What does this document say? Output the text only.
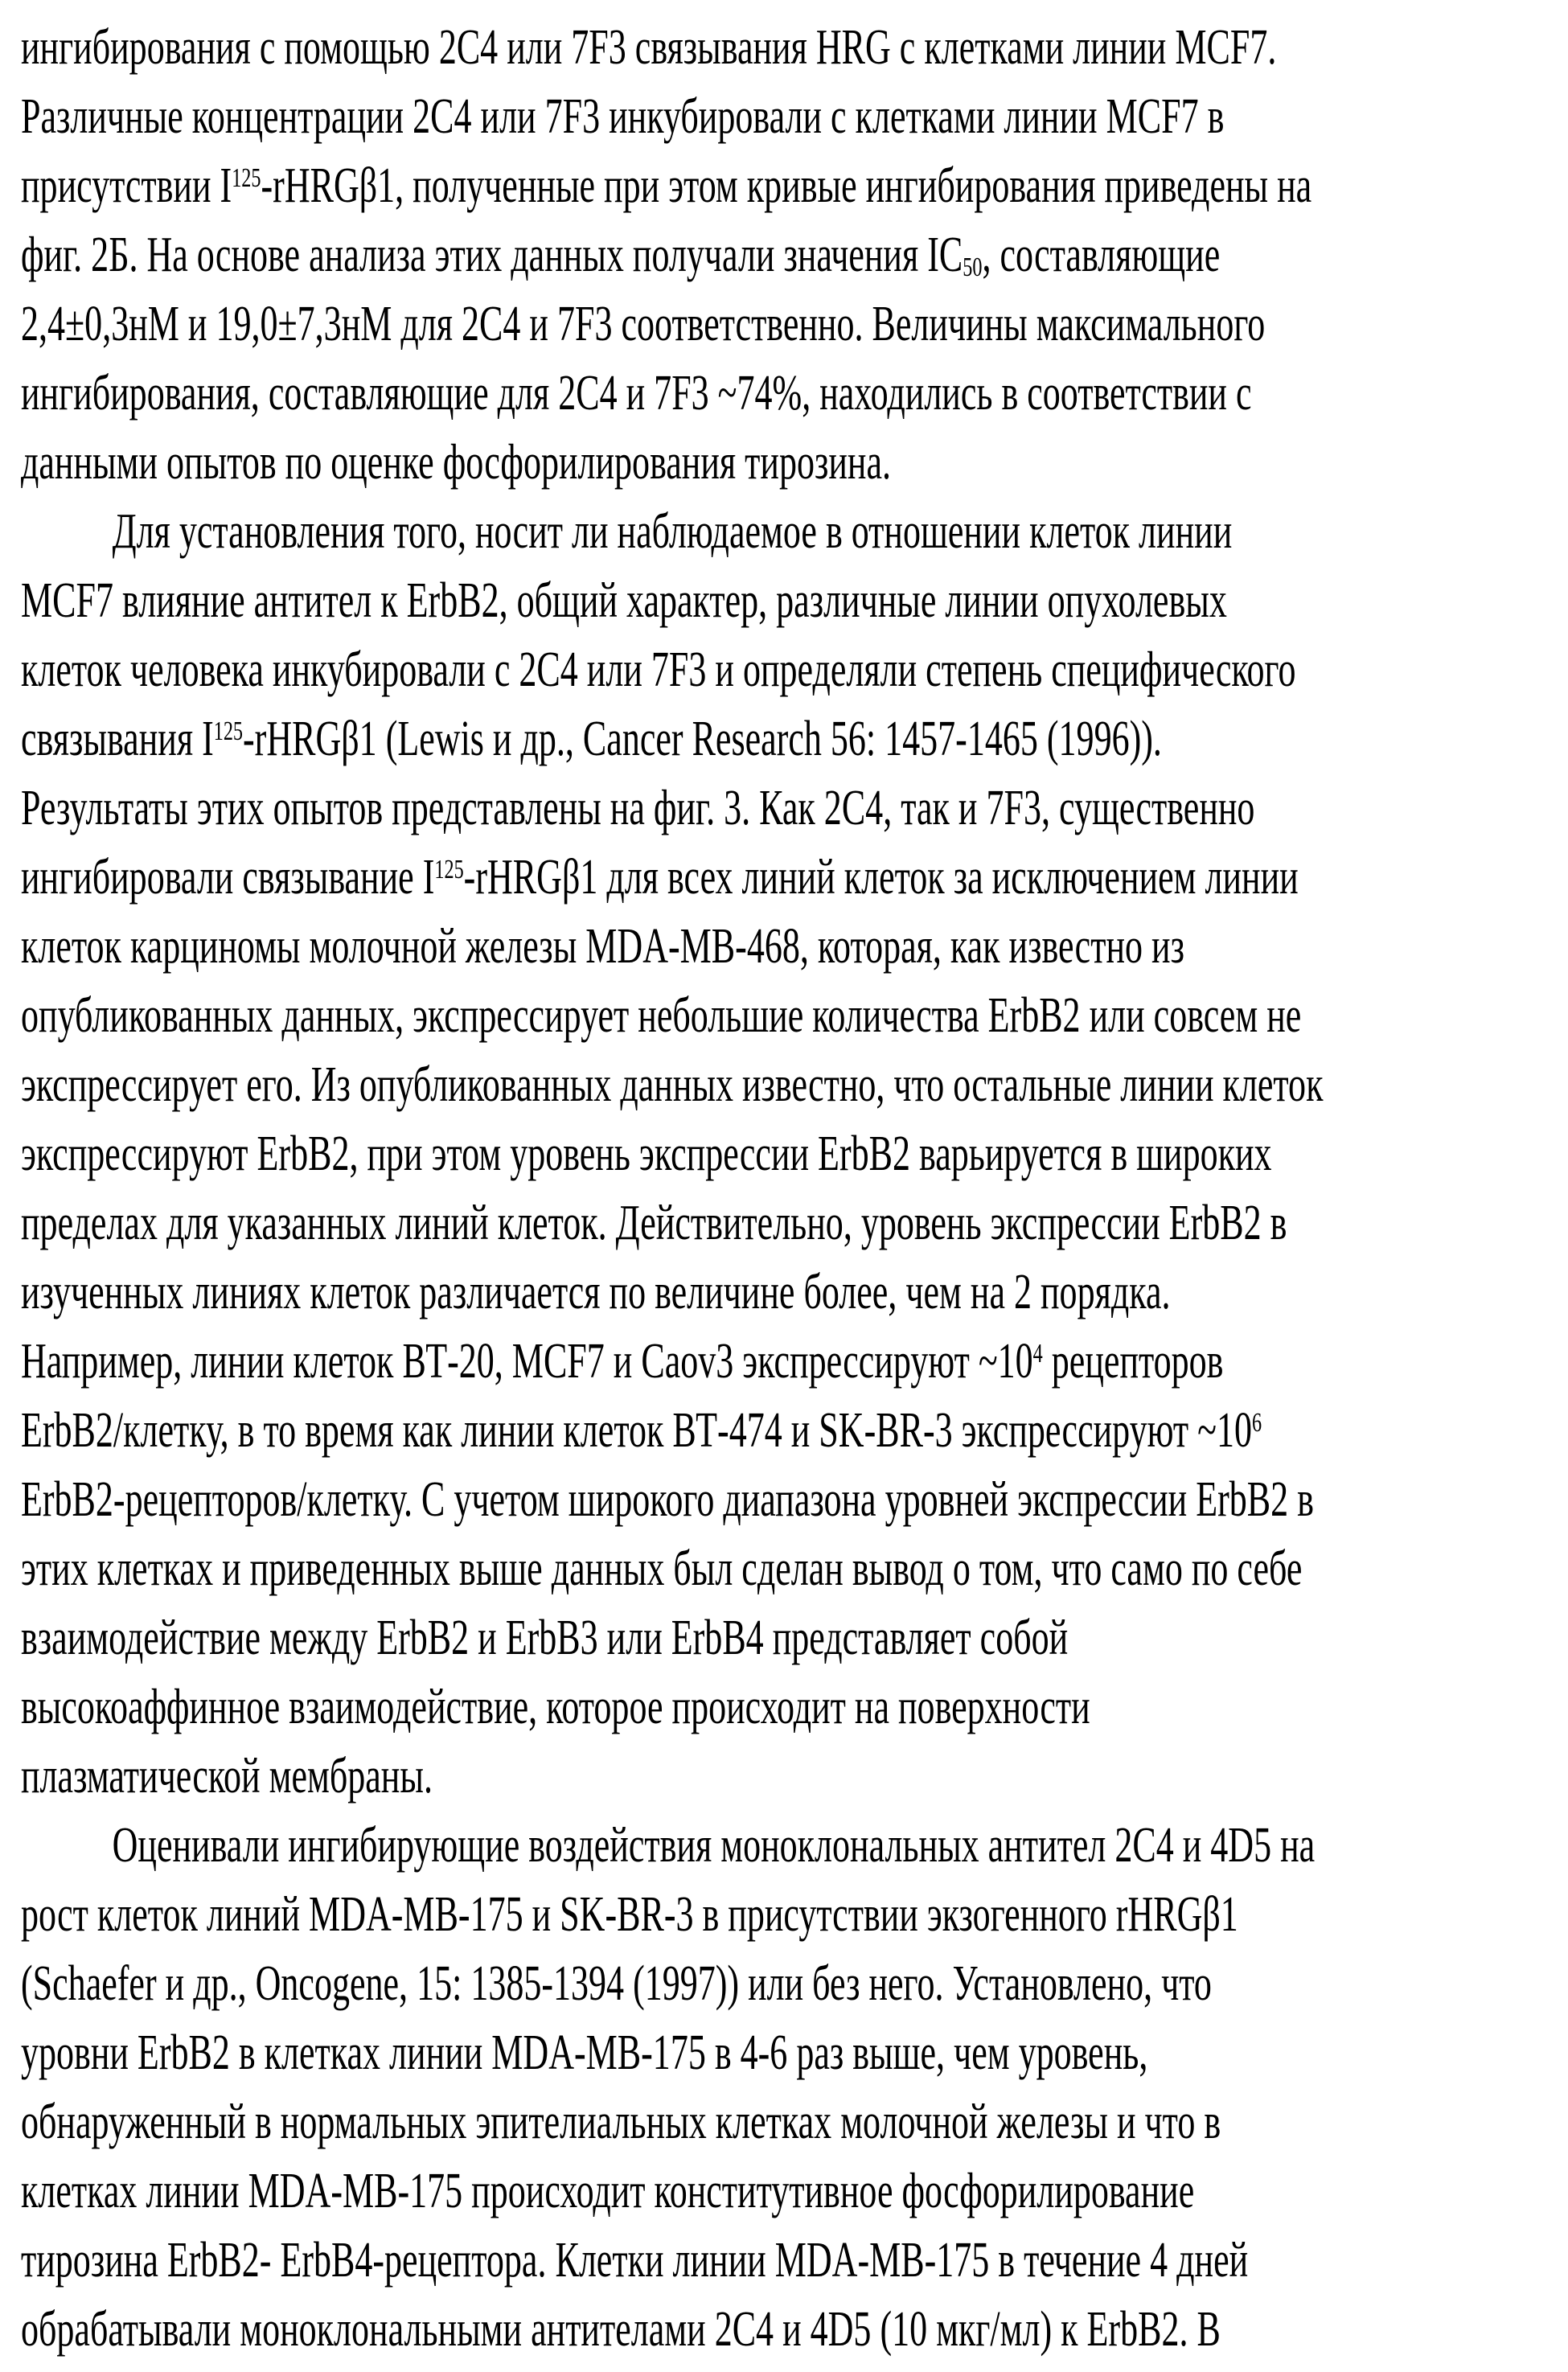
ингибирования с помощью 2С4 или 7F3 связывания HRG с клетками линии MCF7.
Различные концентрации 2С4 или 7F3 инкубировали с клетками линии MCF7 в
присутствии $I^{125}-rHRG\beta 1$, полученные при этом кривые ингибирования приведены на
фиг. 2Б. На основе анализа этих данных получали значения $IC_{50}$, составляющие
2,4±0,3нМ и 19,0±7,3нМ для 2С4 и 7F3 соответственно. Величины максимального
ингибирования, составляющие для 2С4 и 7F3 ~74%, находились в соответствии с
данными опытов по оценке фосфорилирования тирозина.
Для установления того, носит ли наблюдаемое в отношении клеток линии
MCF7 влияние антител к ErbB2, общий характер, различные линии опухолевых
клеток человека инкубировали с 2С4 или 7F3 и определяли степень специфического
связывания $I^{125}-rHRG\beta 1$ (Lewis и др., Cancer Research 56: 1457-1465 (1996)).
Результаты этих опытов представлены на фиг. 3. Как 2С4, так и 7F3, существенно
ингибировали связывание $I^{125}-rHRG\beta 1$ для всех линий клеток за исключением линии
клеток карциномы молочной железы MDA-MB-468, которая, как известно из
опубликованных данных, экспрессирует небольшие количества ErbB2 или совсем не
экспрессирует его. Из опубликованных данных известно, что остальные линии клеток
экспрессируют ErbB2, при этом уровень экспрессии ErbB2 варьируется в широких
пределах для указанных линий клеток. Действительно, уровень экспрессии ErbB2 в
изученных линиях клеток различается по величине более, чем на 2 порядка.
Например, линии клеток ВТ-20, MCF7 и Caov3 экспрессируют $\sim 10^4$ рецепторов
ErbB2/клетку, в то время как линии клеток ВТ-474 и SK-BR-3 экспрессируют $\sim 10^6$
ErbB2-рецепторов/клетку. С учетом широкого диапазона уровней экспрессии ErbB2 в
этих клетках и приведенных выше данных был сделан вывод о том, что само по себе
взаимодействие между ErbB2 и ErbB3 или ErbB4 представляет собой
высокоаффинное взаимодействие, которое происходит на поверхности
плазматической мембраны.
Оценивали ингибирующие воздействия моноклональных антител 2С4 и 4D5 на
рост клеток линий MDA-MB-175 и SK-BR-3 в присутствии экзогенного rHRGβ1
(Schaefer и др., Oncogene, 15: 1385-1394 (1997)) или без него. Установлено, что
уровни ErbB2 в клетках линии MDA-MB-175 в 4-6 раз выше, чем уровень,
обнаруженный в нормальных эпителиальных клетках молочной железы и что в
клетках линии MDA-MB-175 происходит конститутивное фосфорилирование
тирозина ErbB2- ErbB4-рецептора. Клетки линии MDA-MB-175 в течение 4 дней
обрабатывали моноклональными антителами 2С4 и 4D5 (10 мкг/мл) к ErbB2. В
